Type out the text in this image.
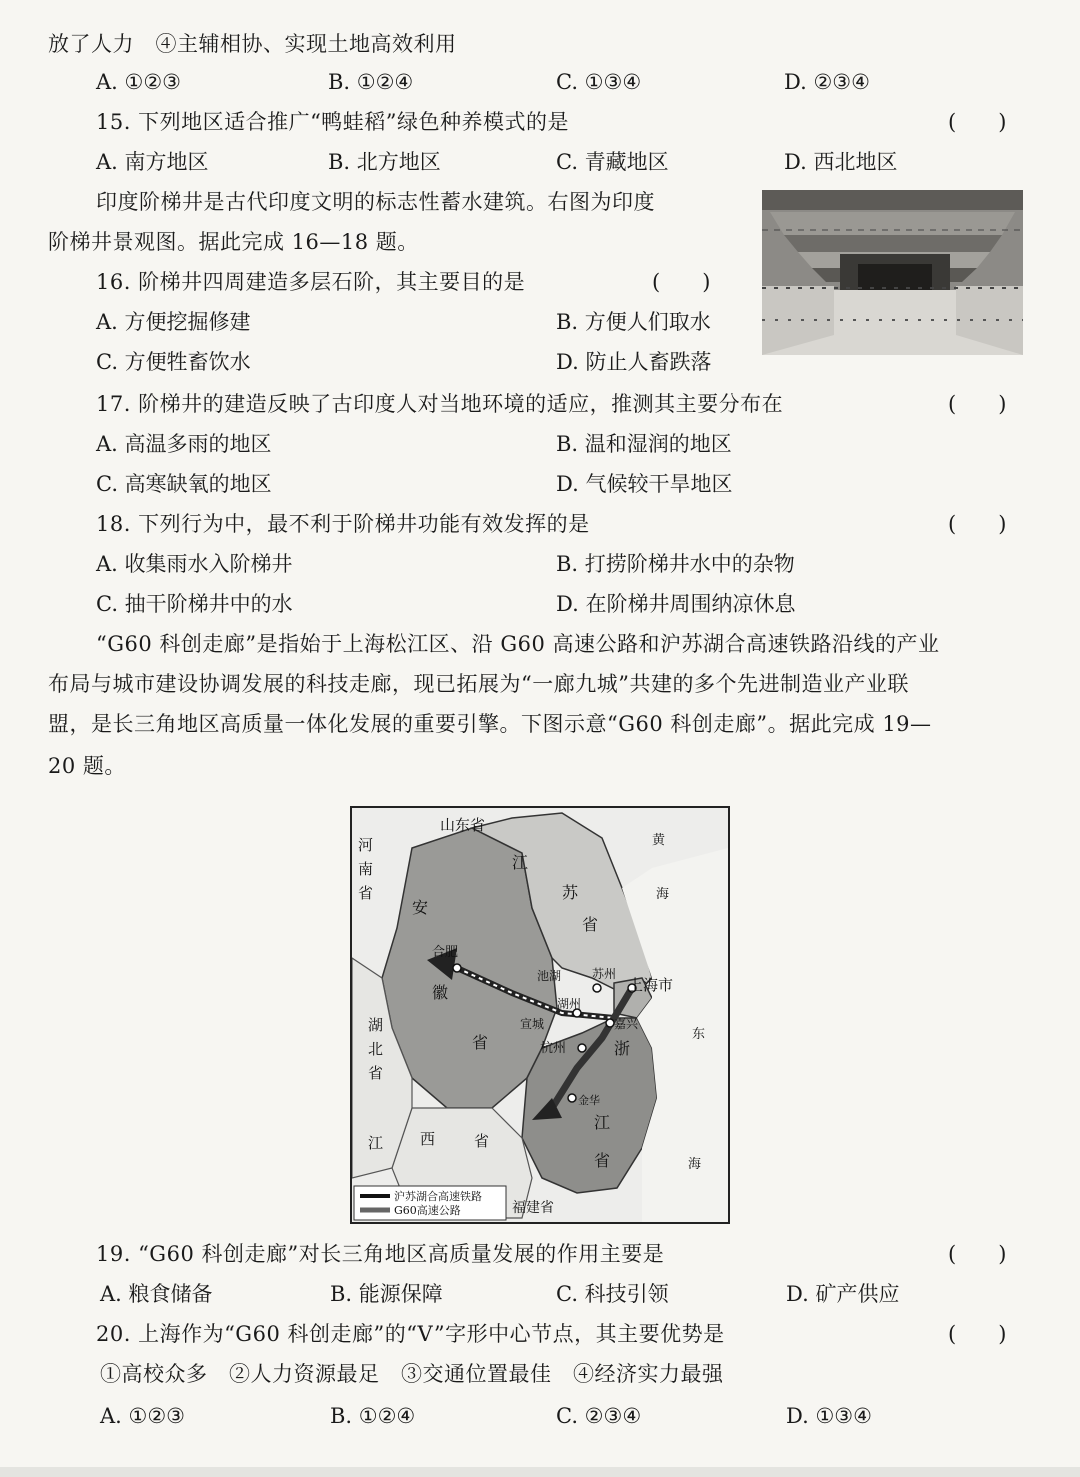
放了人力　④主辅相协、实现土地高效利用
A. ①②③	B. ①②④	C. ①③④	D. ②③④
15. 下列地区适合推广“鸭蛙稻”绿色种养模式的是	(　　)
A. 南方地区	B. 北方地区	C. 青藏地区	D. 西北地区
印度阶梯井是古代印度文明的标志性蓄水建筑。右图为印度
阶梯井景观图。据此完成 16—18 题。
16. 阶梯井四周建造多层石阶，其主要目的是	(　　)
A. 方便挖掘修建	B. 方便人们取水
C. 方便牲畜饮水	D. 防止人畜跌落
17. 阶梯井的建造反映了古印度人对当地环境的适应，推测其主要分布在	(　　)
A. 高温多雨的地区	B. 温和湿润的地区
C. 高寒缺氧的地区	D. 气候较干旱地区
18. 下列行为中，最不利于阶梯井功能有效发挥的是	(　　)
A. 收集雨水入阶梯井	B. 打捞阶梯井水中的杂物
C. 抽干阶梯井中的水	D. 在阶梯井周围纳凉休息
“G60 科创走廊”是指始于上海松江区、沿 G60 高速公路和沪苏湖合高速铁路沿线的产业
布局与城市建设协调发展的科技走廊，现已拓展为“一廊九城”共建的多个先进制造业产业联
盟，是长三角地区高质量一体化发展的重要引擎。下图示意“G60 科创走廊”。据此完成 19—
20 题。
山东省
河
南
省
江
苏
省
安
徽
省
湖
北
省
江 西	省
浙
江
省
福建省
黄
海
东
海
上海市
合肥
池湖	苏州
湖州
宣城	嘉兴
杭州
金华
沪苏湖合高速铁路
G60高速公路
19. “G60 科创走廊”对长三角地区高质量发展的作用主要是	(　　)
A. 粮食储备	B. 能源保障	C. 科技引领	D. 矿产供应
20. 上海作为“G60 科创走廊”的“V”字形中心节点，其主要优势是	(　　)
①高校众多　②人力资源最足　③交通位置最佳　④经济实力最强
A. ①②③	B. ①②④	C. ②③④	D. ①③④
